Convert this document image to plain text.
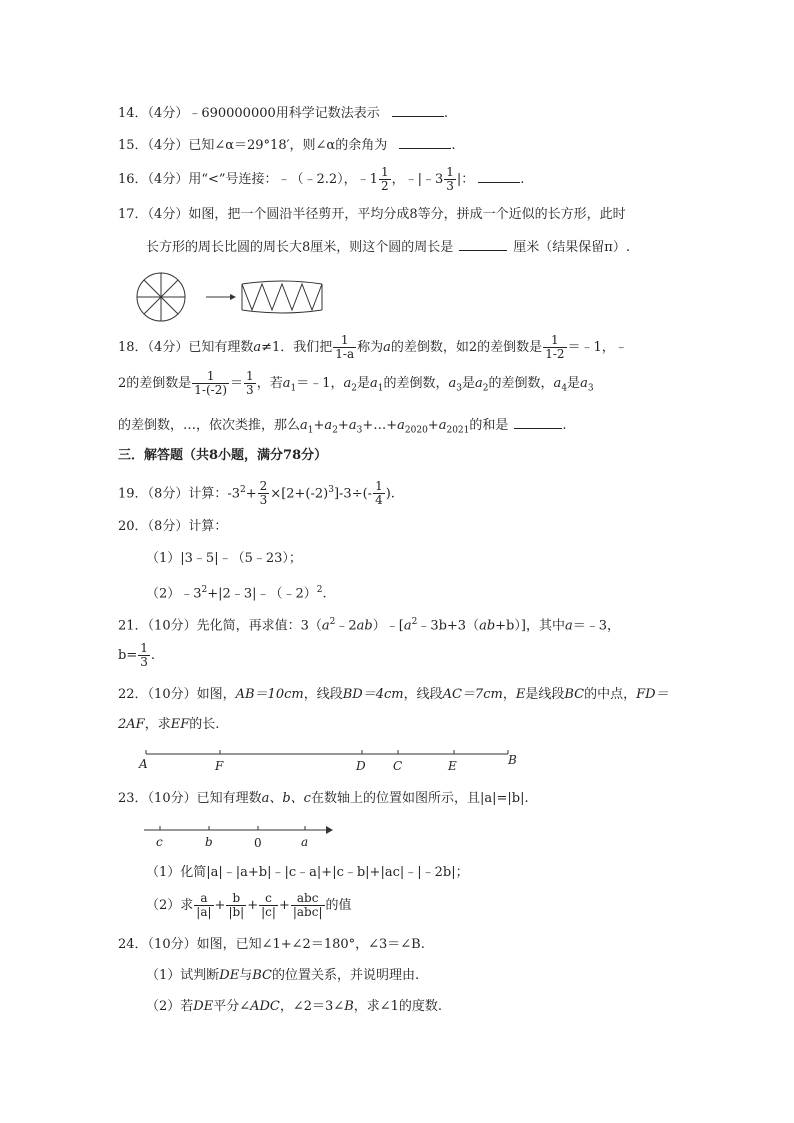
14．（4分）﹣690000000用科学记数法表示	.
15．（4分）已知∠α＝29°18′，则∠α的余角为	.
16．（4分）用“<”号连接：﹣（﹣2.2），﹣1 $\frac{1}{2}$ ，﹣|﹣3 $\frac{1}{3}$ |：	.
17．（4分）如图，把一个圆沿半径剪开，平均分成8等分，拼成一个近似的长方形，此时
长方形的周长比圆的周长大8厘米，则这个圆的周长是	厘米（结果保留π）.
18．（4分）已知有理数a≠1．我们把 $\frac{1}{1-a}$ 称为a的差倒数，如2的差倒数是 $\frac{1}{1-2}$ ＝﹣1，﹣
2的差倒数是 $\frac{1}{1-(-2)} = \frac{1}{3}$ ，若$a_1=﹣1$，$a_2$是$a_1$的差倒数，$a_3$是$a_2$的差倒数，$a_4$是$a_3$
的差倒数，…，依次类推，那么$a_1+a_2+a_3+\dots+a_{2020}+a_{2021}$的和是	.
三．解答题（共8小题，满分78分）
19．（8分）计算：$-3^2+ \frac{2}{3} \times[2+(-2)^3]-3\div(- \frac{1}{4}$ ).
20．（8分）计算：
（1）|3﹣5|﹣（5﹣23）；
$(2)﹣3^2+|2﹣3|﹣(﹣2)^2$.
21．（10分）先化简，再求值：$3(a^2﹣2ab)﹣[a^2﹣3b+3(ab+b)]$，其中a＝﹣3，
$b= \frac{1}{3}$ .
22．（10分）如图，AB＝10cm，线段BD＝4cm，线段AC＝7cm，E是线段BC的中点，FD＝
2AF，求EF的长.
A	F	D C	E	B
23．（10分）已知有理数a、b、c在数轴上的位置如图所示，且|a|=|b|.
c	b	0	a
（1）化简|a|﹣|a+b|﹣|c﹣a|+|c﹣b|+|ac|﹣|﹣2b|；
（2）求 $\frac{a}{|a|} + \frac{b}{|b|} + \frac{c}{|c|} + \frac{\text{abc}}{\text{|abc|}}$ 的值
24．（10分）如图，已知∠1+∠2＝180°，∠3＝∠B.
（1）试判断DE与BC的位置关系，并说明理由.
（2）若DE平分∠ADC，∠2＝3∠B，求∠1的度数.
